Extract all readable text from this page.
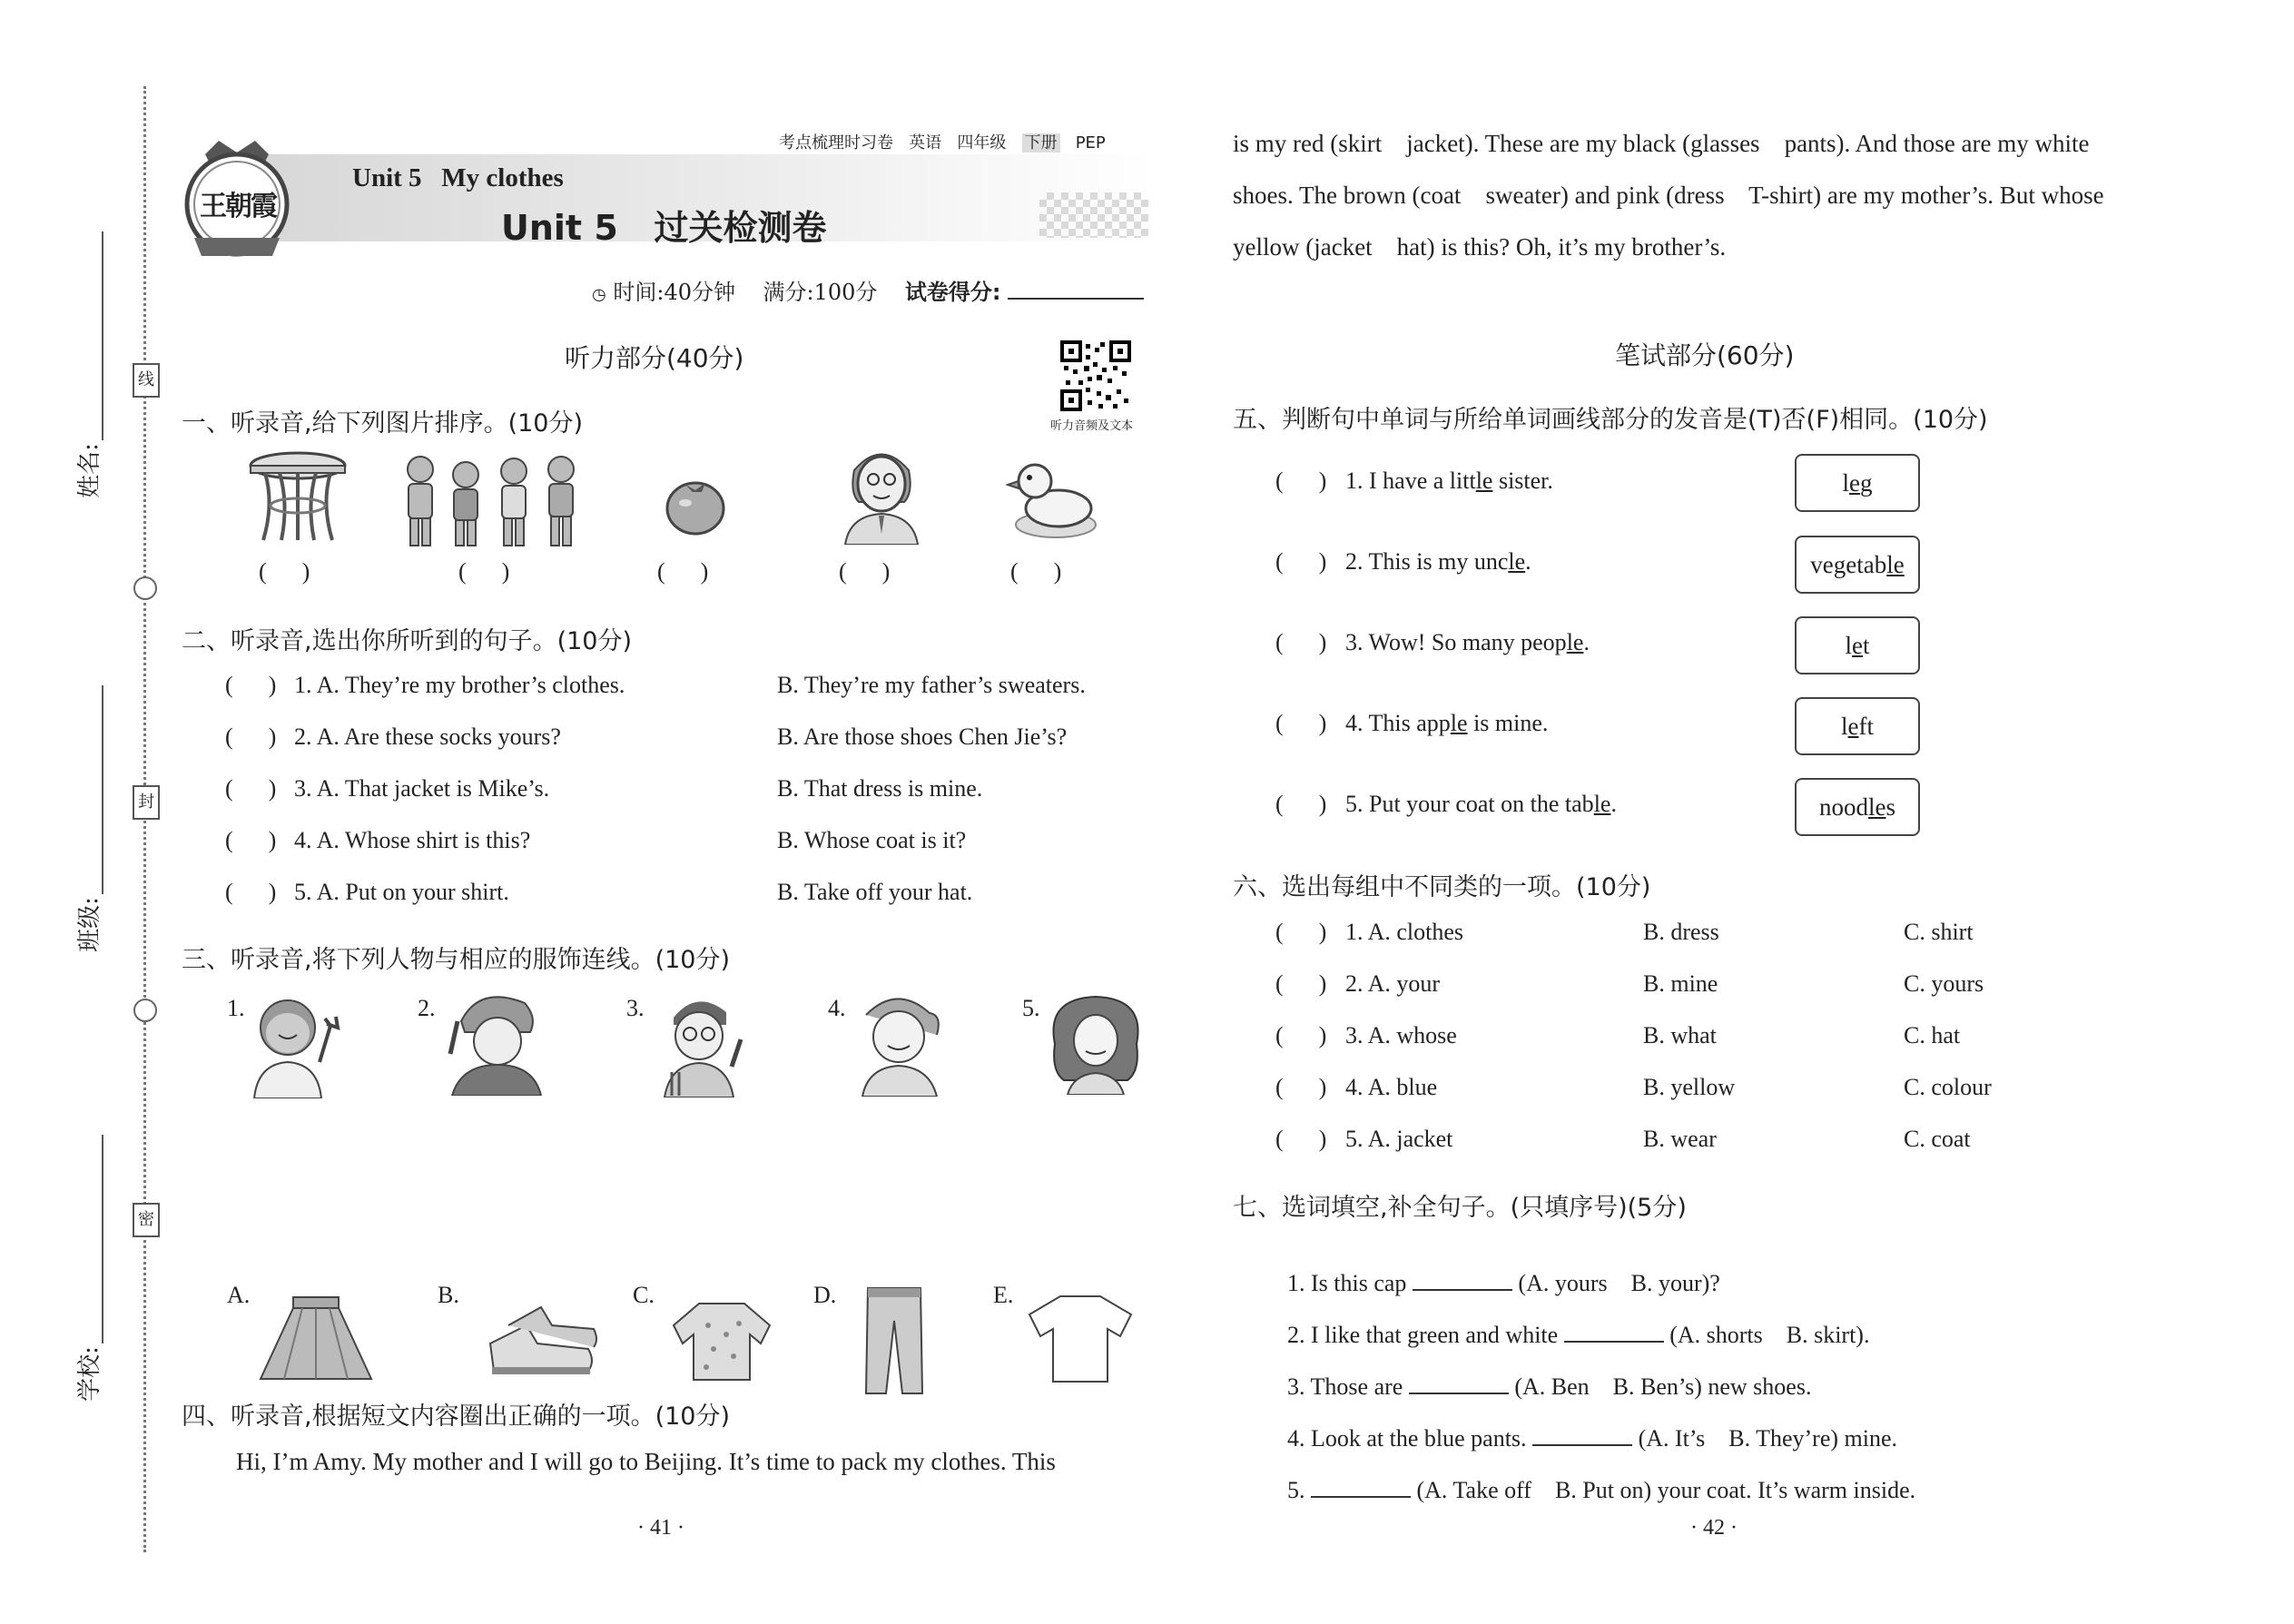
线
封
密
姓名:
班级:
学校:
王朝霞
考点梳理时习卷 英语 四年级 下册 PEP
Unit 5   My clothes
Unit 5   过关检测卷
◷ 时间:40分钟 满分:100分 试卷得分:
听力部分(40分)
听力音频及文本
一、听录音,给下列图片排序。(10分)
(      )	(      )	(      )	(      )	(      )
二、听录音,选出你所听到的句子。(10分)
(      ) 1. A. They’re my brother’s clothes.	B. They’re my father’s sweaters.
(      ) 2. A. Are these socks yours?	B. Are those shoes Chen Jie’s?
(      ) 3. A. That jacket is Mike’s.	B. That dress is mine.
(      ) 4. A. Whose shirt is this?	B. Whose coat is it?
(      ) 5. A. Put on your shirt.	B. Take off your hat.
三、听录音,将下列人物与相应的服饰连线。(10分)
1.	2.	3.	4.	5.
A.	B.	C.	D.	E.
四、听录音,根据短文内容圈出正确的一项。(10分)
Hi, I’m Amy. My mother and I will go to Beijing. It’s time to pack my clothes. This
· 41 ·
is my red (skirt    jacket). These are my black (glasses    pants). And those are my white
shoes. The brown (coat    sweater) and pink (dress    T-shirt) are my mother’s. But whose
yellow (jacket    hat) is this? Oh, it’s my brother’s.
笔试部分(60分)
五、判断句中单词与所给单词画线部分的发音是(T)否(F)相同。(10分)
(      ) 1. I have a little sister.	l e g
(      ) 2. This is my uncle.	vegetab le
(      ) 3. Wow! So many people.	l e t
(      ) 4. This apple is mine.	l e ft
(      ) 5. Put your coat on the table.	nood le s
六、选出每组中不同类的一项。(10分)
(      ) 1. A. clothes	B. dress	C. shirt
(      ) 2. A. your	B. mine	C. yours
(      ) 3. A. whose	B. what	C. hat
(      ) 4. A. blue	B. yellow	C. colour
(      ) 5. A. jacket	B. wear	C. coat
七、选词填空,补全句子。(只填序号)(5分)

1. Is this cap	(A. yours    B. your)?

2. I like that green and white	(A. shorts    B. skirt).

3. Those are	(A. Ben    B. Ben’s) new shoes.

4. Look at the blue pants.	(A. It’s    B. They’re) mine.

5.	(A. Take off    B. Put on) your coat. It’s warm inside.

· 42 ·
